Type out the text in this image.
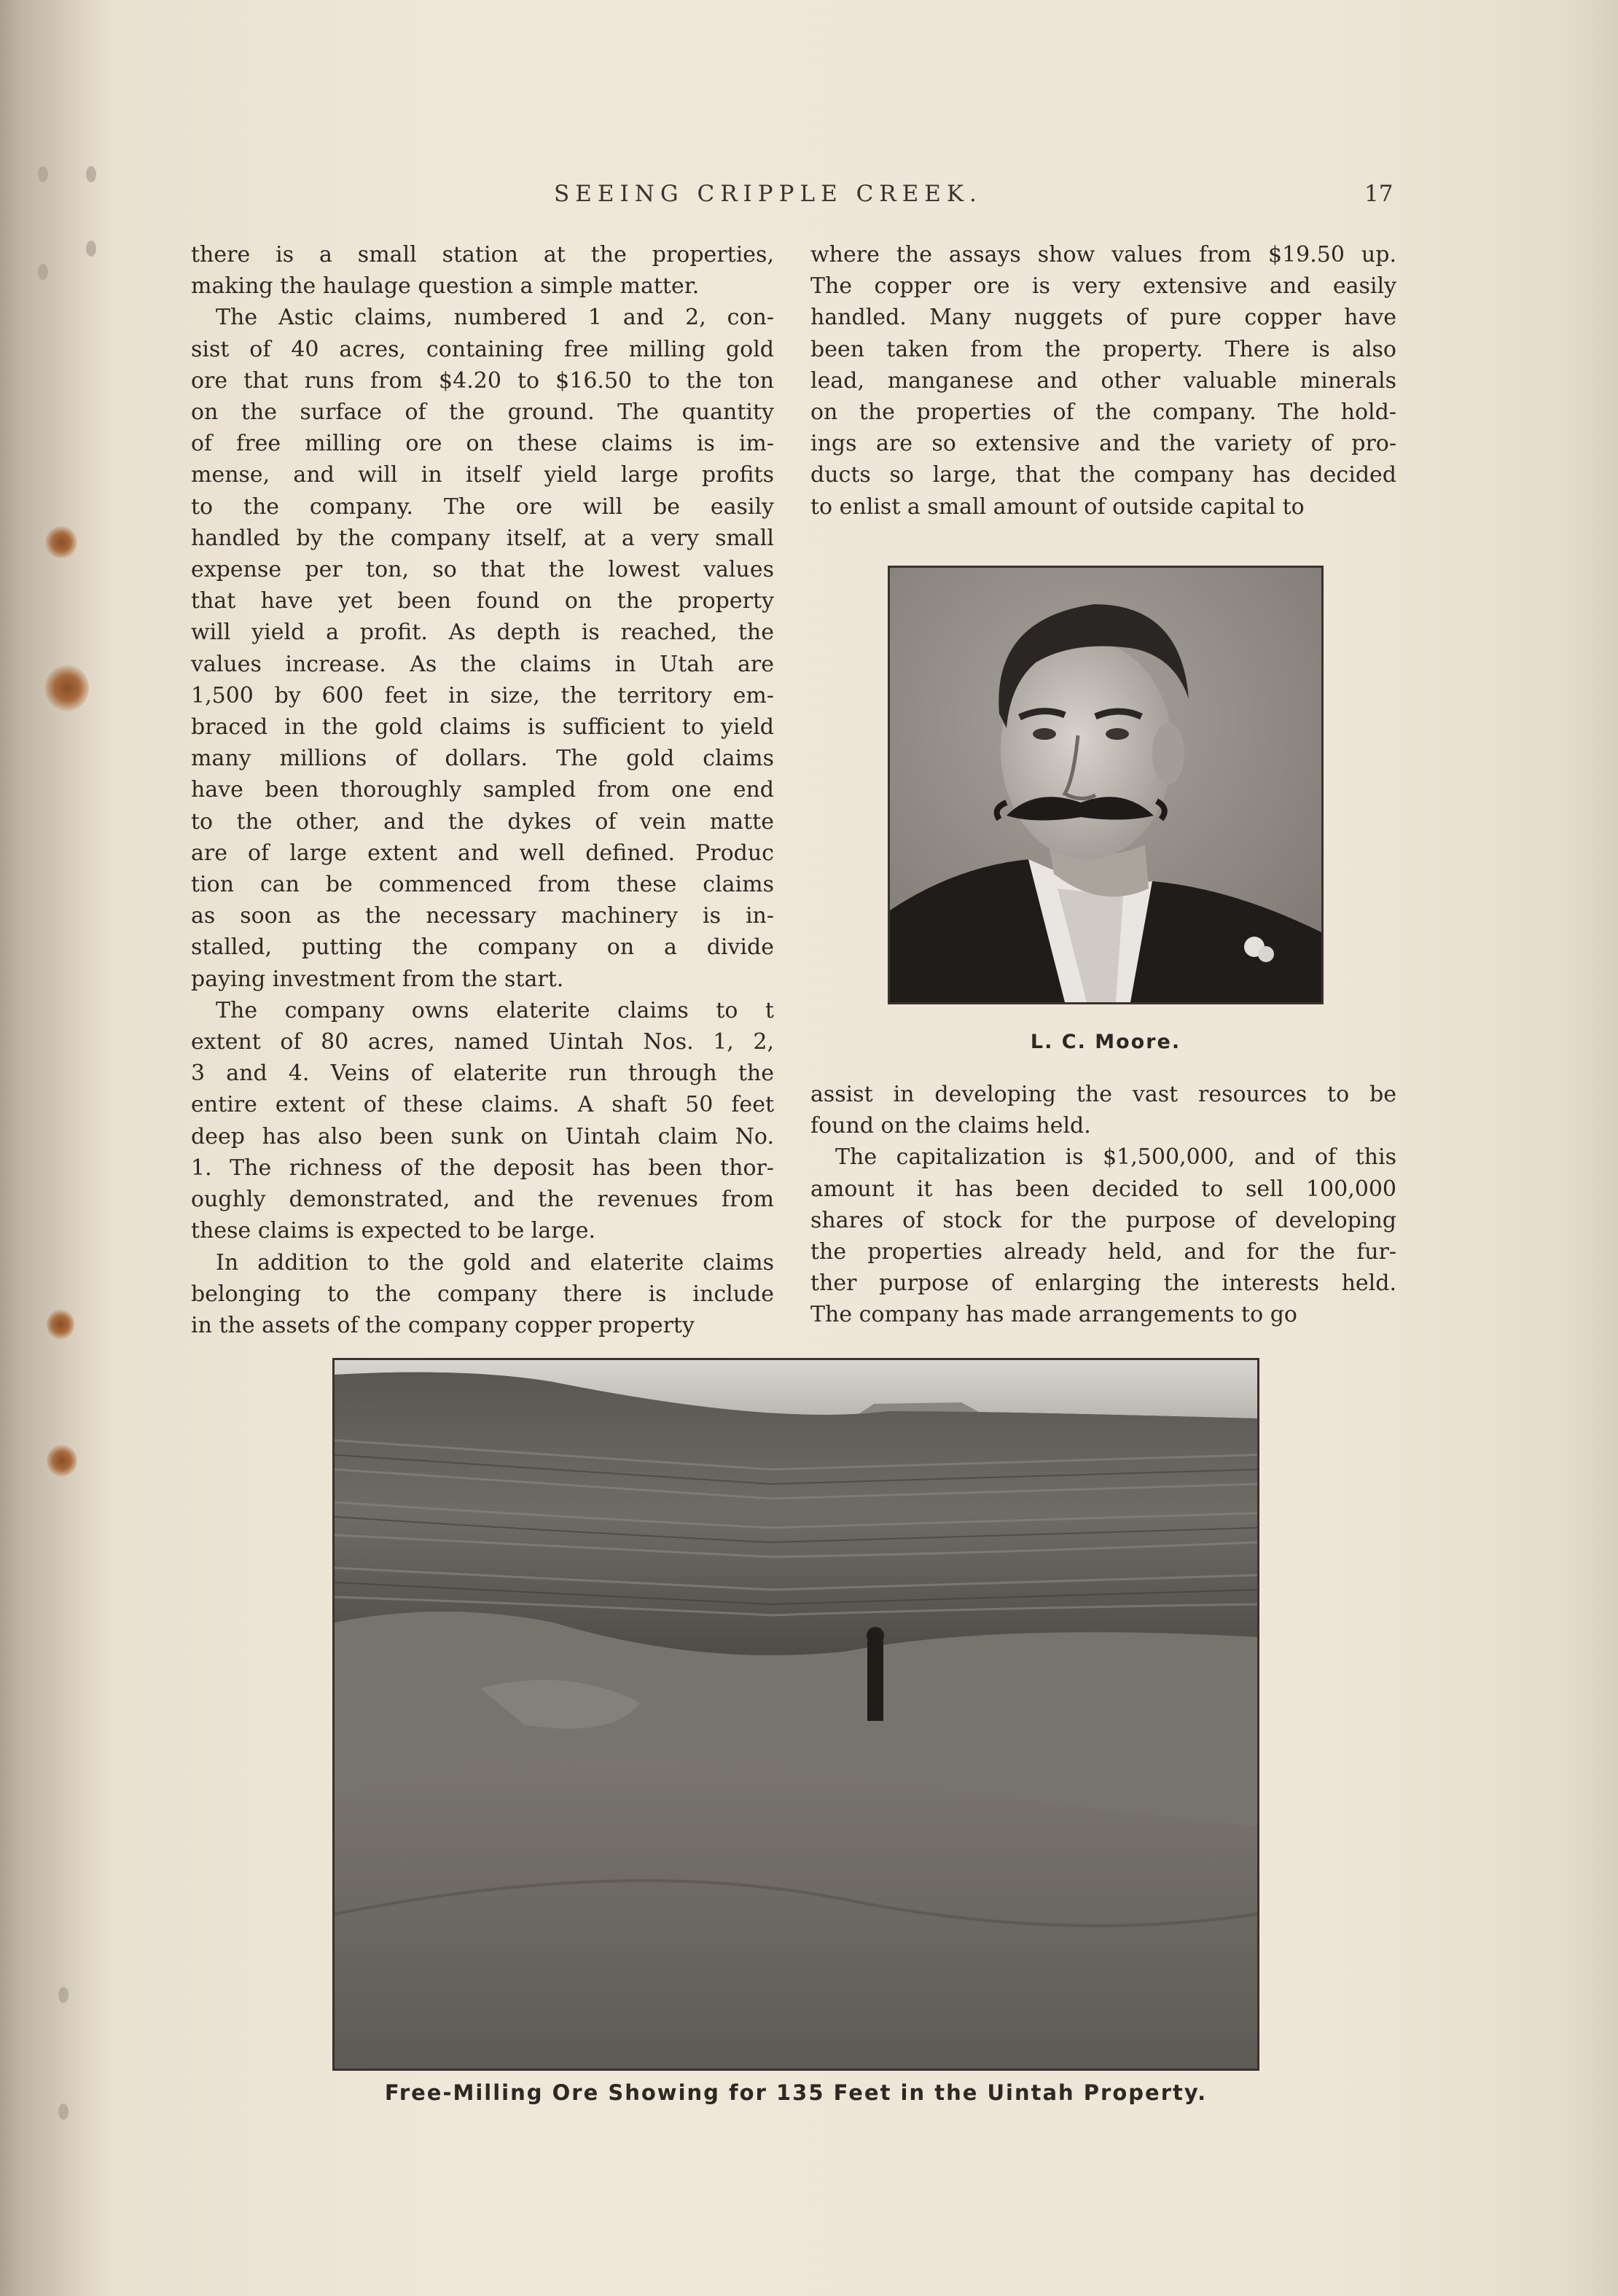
SEEING CRIPPLE CREEK.	17

there is a small station at the properties,
making the haulage question a simple matter.

The Astic claims, numbered 1 and 2, con-
sist of 40 acres, containing free milling gold
ore that runs from $4.20 to $16.50 to the ton
on the surface of the ground. The quantity
of free milling ore on these claims is im-
mense, and will in itself yield large profits
to the company. The ore will be easily
handled by the company itself, at a very small
expense per ton, so that the lowest values
that have yet been found on the property
will yield a profit. As depth is reached, the
values increase. As the claims in Utah are
1,500 by 600 feet in size, the territory em-
braced in the gold claims is sufficient to yield
many millions of dollars. The gold claims
have been thoroughly sampled from one end
to the other, and the dykes of vein matte
are of large extent and well defined. Produc
tion can be commenced from these claims
as soon as the necessary machinery is in-
stalled, putting the company on a divide
paying investment from the start.

The company owns elaterite claims to t
extent of 80 acres, named Uintah Nos. 1, 2,
3 and 4. Veins of elaterite run through the
entire extent of these claims. A shaft 50 feet
deep has also been sunk on Uintah claim No.
1. The richness of the deposit has been thor-
oughly demonstrated, and the revenues from
these claims is expected to be large.

In addition to the gold and elaterite claims
belonging to the company there is include
in the assets of the company copper property

where the assays show values from $19.50 up.
The copper ore is very extensive and easily
handled. Many nuggets of pure copper have
been taken from the property. There is also
lead, manganese and other valuable minerals
on the properties of the company. The hold-
ings are so extensive and the variety of pro-
ducts so large, that the company has decided
to enlist a small amount of outside capital to

L. C. Moore.

assist in developing the vast resources to be
found on the claims held.

The capitalization is $1,500,000, and of this
amount it has been decided to sell 100,000
shares of stock for the purpose of developing
the properties already held, and for the fur-
ther purpose of enlarging the interests held.
The company has made arrangements to go

Free-Milling Ore Showing for 135 Feet in the Uintah Property.
